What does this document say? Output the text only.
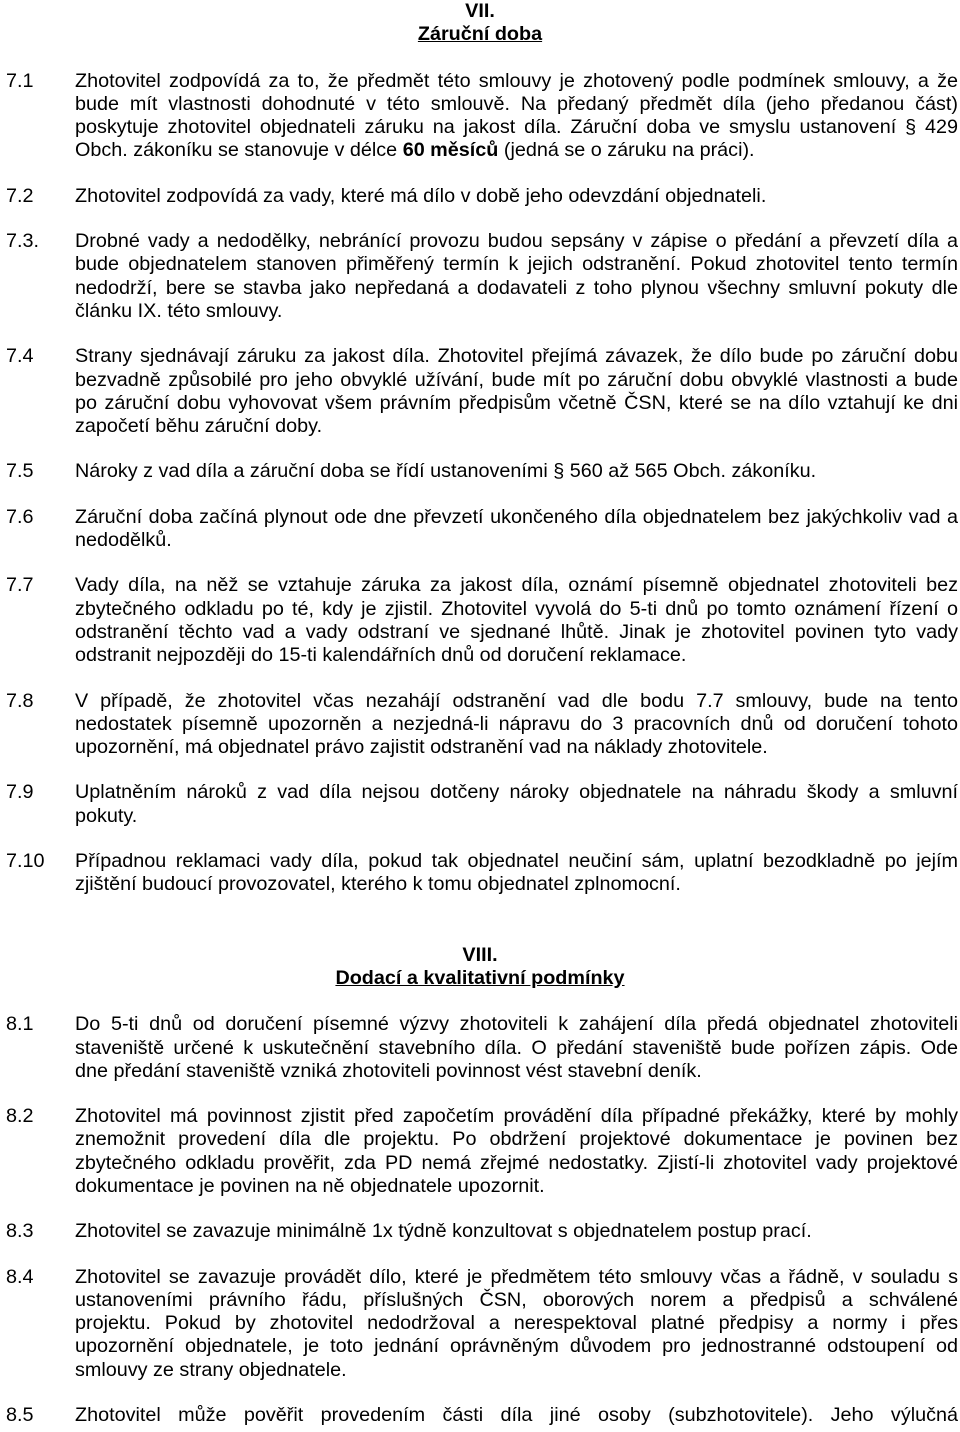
VII.
Záruční doba
7.1	Zhotovitel zodpovídá za to, že předmět této smlouvy je zhotovený podle podmínek smlouvy, a že
bude mít vlastnosti dohodnuté v této smlouvě. Na předaný předmět díla (jeho předanou část)
poskytuje zhotovitel objednateli záruku na jakost díla. Záruční doba ve smyslu ustanovení § 429
Obch. zákoníku se stanovuje v délce 60 měsíců (jedná se o záruku na práci).
7.2	Zhotovitel zodpovídá za vady, které má dílo v době jeho odevzdání objednateli.
7.3.	Drobné vady a nedodělky, nebránící provozu budou sepsány v zápise o předání a převzetí díla a
bude objednatelem stanoven přiměřený termín k jejich odstranění. Pokud zhotovitel tento termín
nedodrží, bere se stavba jako nepředaná a dodavateli z toho plynou všechny smluvní pokuty dle
článku IX. této smlouvy.
7.4	Strany sjednávají záruku za jakost díla. Zhotovitel přejímá závazek, že dílo bude po záruční dobu
bezvadně způsobilé pro jeho obvyklé užívání, bude mít po záruční dobu obvyklé vlastnosti a bude
po záruční dobu vyhovovat všem právním předpisům včetně ČSN, které se na dílo vztahují ke dni
započetí běhu záruční doby.
7.5	Nároky z vad díla a záruční doba se řídí ustanoveními § 560 až 565 Obch. zákoníku.
7.6	Záruční doba začíná plynout ode dne převzetí ukončeného díla objednatelem bez jakýchkoliv vad a
nedodělků.
7.7	Vady díla, na něž se vztahuje záruka za jakost díla, oznámí písemně objednatel zhotoviteli bez
zbytečného odkladu po té, kdy je zjistil. Zhotovitel vyvolá do 5-ti dnů po tomto oznámení řízení o
odstranění těchto vad a vady odstraní ve sjednané lhůtě. Jinak je zhotovitel povinen tyto vady
odstranit nejpozději do 15-ti kalendářních dnů od doručení reklamace.
7.8	V případě, že zhotovitel včas nezahájí odstranění vad dle bodu 7.7 smlouvy, bude na tento
nedostatek písemně upozorněn a nezjedná-li nápravu do 3 pracovních dnů od doručení tohoto
upozornění, má objednatel právo zajistit odstranění vad na náklady zhotovitele.
7.9	Uplatněním nároků z vad díla nejsou dotčeny nároky objednatele na náhradu škody a smluvní
pokuty.
7.10	Případnou reklamaci vady díla, pokud tak objednatel neučiní sám, uplatní bezodkladně po jejím
zjištění budoucí provozovatel, kterého k tomu objednatel zplnomocní.
VIII.
Dodací a kvalitativní podmínky
8.1	Do 5-ti dnů od doručení písemné výzvy zhotoviteli k zahájení díla předá objednatel zhotoviteli
staveniště určené k uskutečnění stavebního díla. O předání staveniště bude pořízen zápis. Ode
dne předání staveniště vzniká zhotoviteli povinnost vést stavební deník.
8.2	Zhotovitel má povinnost zjistit před započetím provádění díla případné překážky, které by mohly
znemožnit provedení díla dle projektu. Po obdržení projektové dokumentace je povinen bez
zbytečného odkladu prověřit, zda PD nemá zřejmé nedostatky. Zjistí-li zhotovitel vady projektové
dokumentace je povinen na ně objednatele upozornit.
8.3	Zhotovitel se zavazuje minimálně 1x týdně konzultovat s objednatelem postup prací.
8.4	Zhotovitel se zavazuje provádět dílo, které je předmětem této smlouvy včas a řádně, v souladu s
ustanoveními právního řádu, příslušných ČSN, oborových norem a předpisů a schválené
projektu. Pokud by zhotovitel nedodržoval a nerespektoval platné předpisy a normy i přes
upozornění objednatele, je toto jednání oprávněným důvodem pro jednostranné odstoupení od
smlouvy ze strany objednatele.
8.5	Zhotovitel může pověřit provedením části díla jiné osoby (subzhotovitele). Jeho výlučná
